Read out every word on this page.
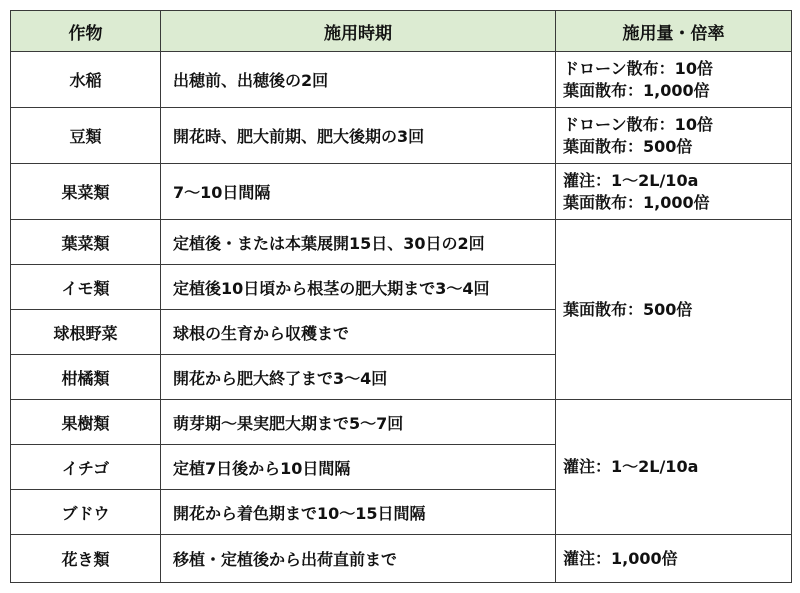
作物	施用時期	施用量・倍率
水稲	出穂前、出穂後の2回	ドローン散布：10倍
葉面散布：1,000倍

豆類	開花時、肥大前期、肥大後期の3回	ドローン散布：10倍
葉面散布：500倍

果菜類	7～10日間隔	灌注：1～2L/10a
葉面散布：1,000倍

葉菜類	定植後・または本葉展開15日、30日の2回	葉面散布：500倍
イモ類	定植後10日頃から根茎の肥大期まで3～4回	
球根野菜	球根の生育から収穫まで	
柑橘類	開花から肥大終了まで3～4回	
果樹類	萌芽期～果実肥大期まで5～7回	灌注：1～2L/10a
イチゴ	定植7日後から10日間隔	
ブドウ	開花から着色期まで10～15日間隔	
花き類	移植・定植後から出荷直前まで	灌注：1,000倍
